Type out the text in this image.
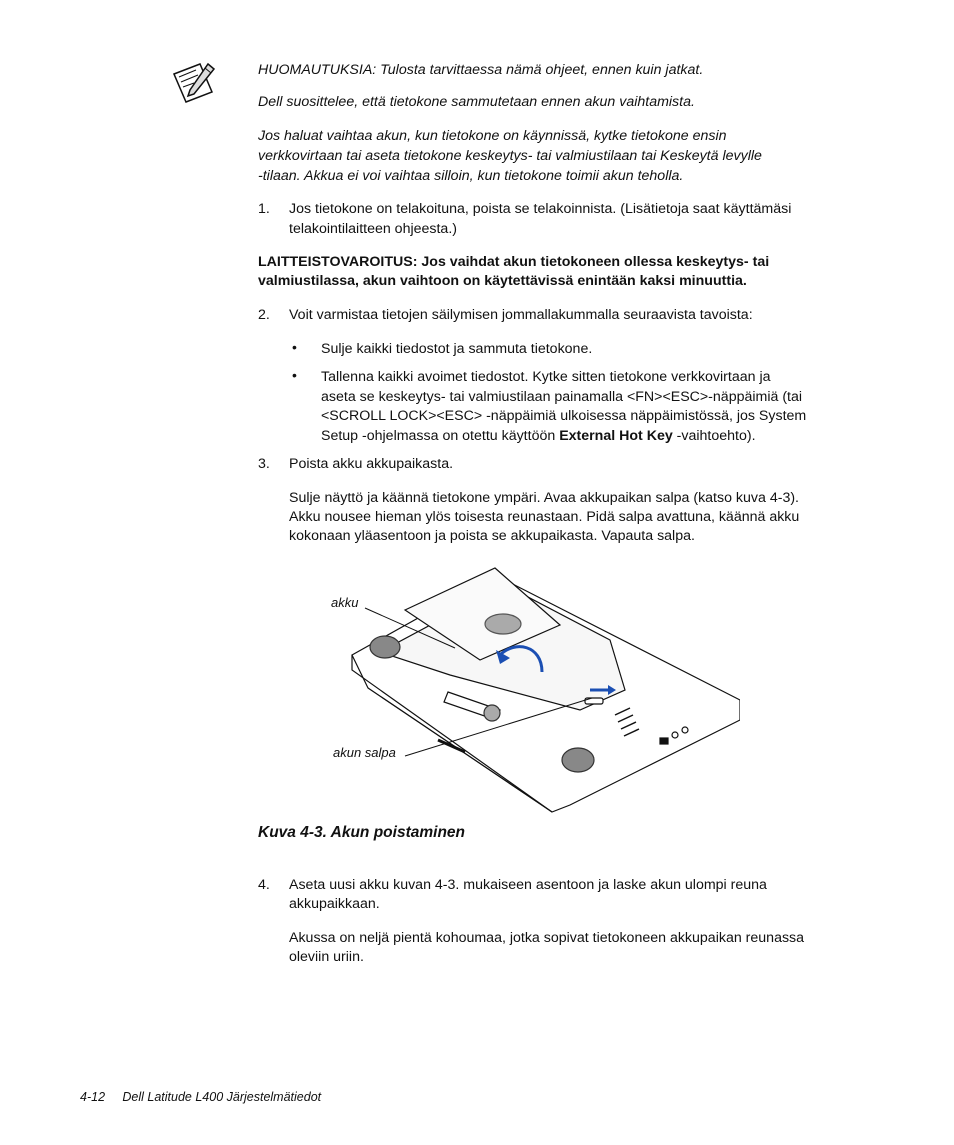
HUOMAUTUKSIA: Tulosta tarvittaessa nämä ohjeet, ennen kuin jatkat.
Dell suosittelee, että tietokone sammutetaan ennen akun vaihtamista.
Jos haluat vaihtaa akun, kun tietokone on käynnissä, kytke tietokone ensin
verkkovirtaan tai aseta tietokone keskeytys- tai valmiustilaan tai Keskeytä levylle
-tilaan. Akkua ei voi vaihtaa silloin, kun tietokone toimii akun teholla.
1. Jos tietokone on telakoituna, poista se telakoinnista. (Lisätietoja saat käyttämäsi
telakointilaitteen ohjeesta.)
LAITTEISTOVAROITUS: Jos vaihdat akun tietokoneen ollessa keskeytys- tai
valmiustilassa, akun vaihtoon on käytettävissä enintään kaksi minuuttia.
2. Voit varmistaa tietojen säilymisen jommallakummalla seuraavista tavoista:
• Sulje kaikki tiedostot ja sammuta tietokone.
• Tallenna kaikki avoimet tiedostot. Kytke sitten tietokone verkkovirtaan ja
aseta se keskeytys- tai valmiustilaan painamalla <FN><ESC>-näppäimiä (tai
<SCROLL LOCK><ESC> -näppäimiä ulkoisessa näppäimistössä, jos System
Setup -ohjelmassa on otettu käyttöön External Hot Key -vaihtoehto).
3. Poista akku akkupaikasta.
Sulje näyttö ja käännä tietokone ympäri. Avaa akkupaikan salpa (katso kuva 4-3).
Akku nousee hieman ylös toisesta reunastaan. Pidä salpa avattuna, käännä akku
kokonaan yläasentoon ja poista se akkupaikasta. Vapauta salpa.
akku
akun salpa
Kuva 4-3. Akun poistaminen
4. Aseta uusi akku kuvan 4-3. mukaiseen asentoon ja laske akun ulompi reuna
akkupaikkaan.
Akussa on neljä pientä kohoumaa, jotka sopivat tietokoneen akkupaikan reunassa
oleviin uriin.
4-12     Dell Latitude L400 Järjestelmätiedot
